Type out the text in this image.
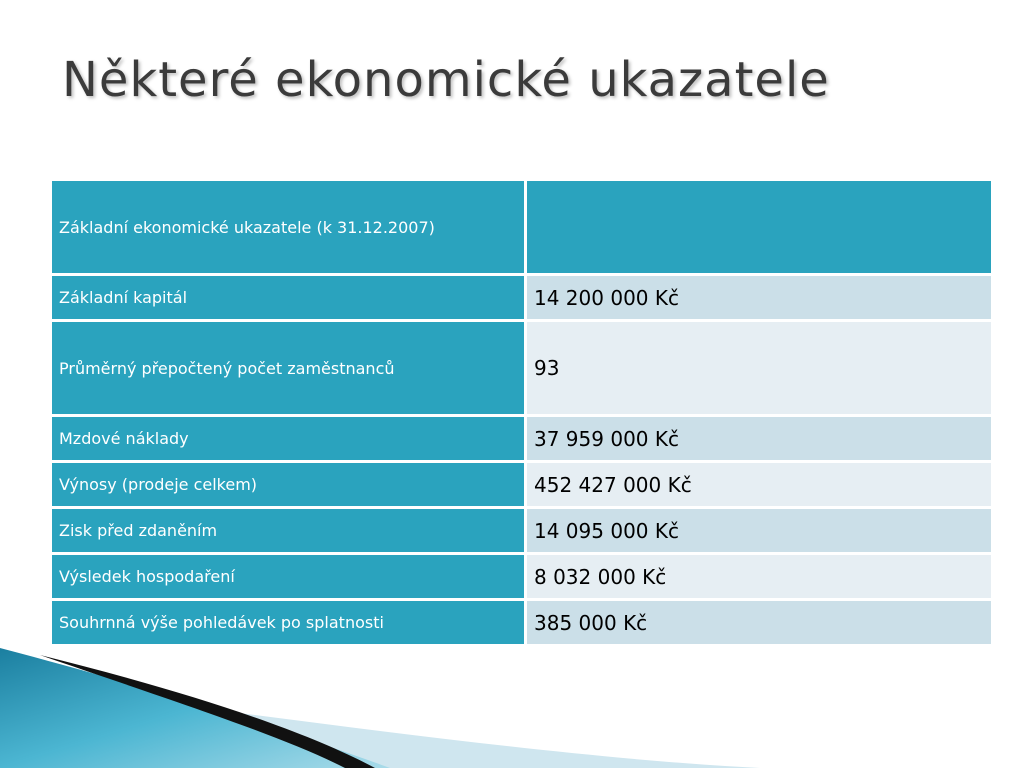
Některé ekonomické ukazatele
Základní ekonomické ukazatele (k 31.12.2007)	
Základní kapitál	14 200 000 Kč
Průměrný přepočtený počet zaměstnanců	93
Mzdové náklady	37 959 000 Kč
Výnosy (prodeje celkem)	452 427 000 Kč
Zisk před zdaněním	14 095 000 Kč
Výsledek hospodaření	8 032 000 Kč
Souhrnná výše pohledávek po splatnosti	385 000 Kč
